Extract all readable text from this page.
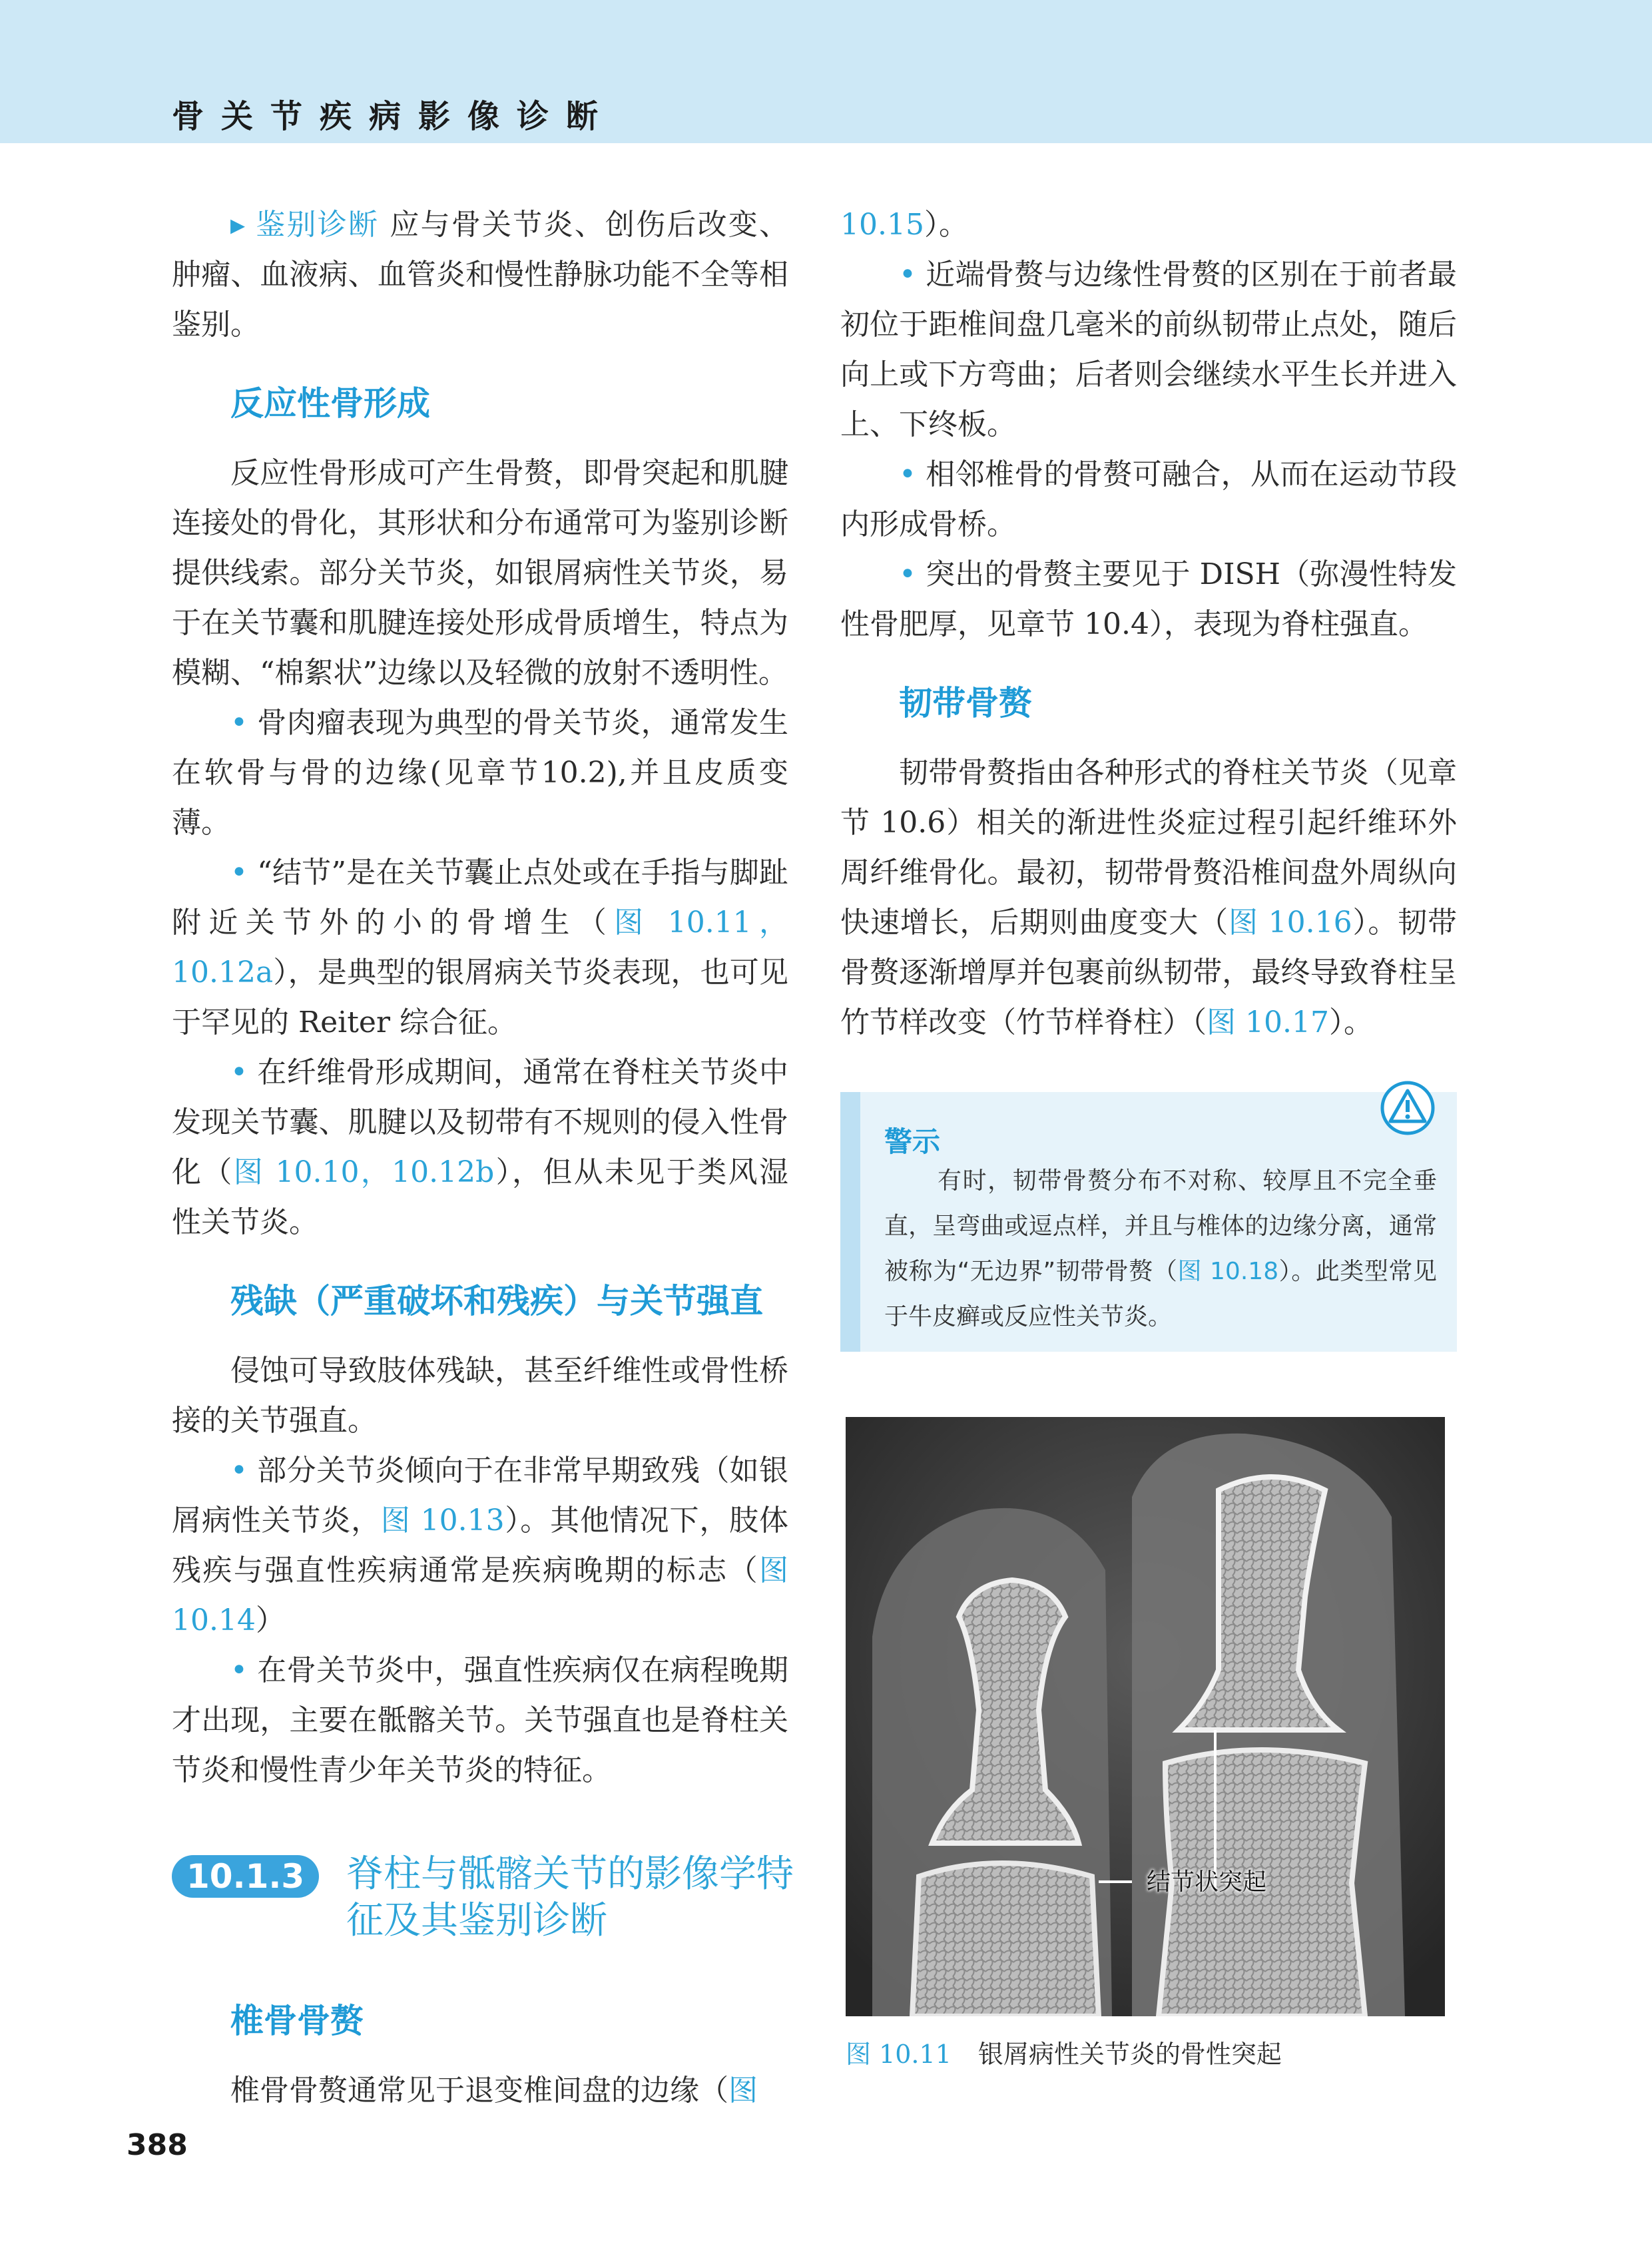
骨关节疾病影像诊断

▸ 鉴别诊断 应与骨关节炎、创伤后改变、肿瘤、血液病、血管炎和慢性静脉功能不全等相鉴别。

反应性骨形成

反应性骨形成可产生骨赘，即骨突起和肌腱连接处的骨化，其形状和分布通常可为鉴别诊断提供线索。部分关节炎，如银屑病性关节炎，易于在关节囊和肌腱连接处形成骨质增生，特点为模糊、“棉絮状”边缘以及轻微的放射不透明性。

• 骨肉瘤表现为典型的骨关节炎，通常发生在软骨与骨的边缘(见章节10.2),并且皮质变薄。

• “结节”是在关节囊止点处或在手指与脚趾附近关节外的小的骨增生（图 10.11，10.12a），是典型的银屑病关节炎表现，也可见于罕见的 Reiter 综合征。

• 在纤维骨形成期间，通常在脊柱关节炎中发现关节囊、肌腱以及韧带有不规则的侵入性骨化（图 10.10，10.12b），但从未见于类风湿性关节炎。

残缺（严重破坏和残疾）与关节强直

侵蚀可导致肢体残缺，甚至纤维性或骨性桥接的关节强直。

• 部分关节炎倾向于在非常早期致残（如银屑病性关节炎，图 10.13）。其他情况下，肢体残疾与强直性疾病通常是疾病晚期的标志（图 10.14）

• 在骨关节炎中，强直性疾病仅在病程晚期才出现，主要在骶髂关节。关节强直也是脊柱关节炎和慢性青少年关节炎的特征。

10.1.3	脊柱与骶髂关节的影像学特征及其鉴别诊断
椎骨骨赘

椎骨骨赘通常见于退变椎间盘的边缘（图

10.15）。

• 近端骨赘与边缘性骨赘的区别在于前者最初位于距椎间盘几毫米的前纵韧带止点处，随后向上或下方弯曲；后者则会继续水平生长并进入上、下终板。

• 相邻椎骨的骨赘可融合，从而在运动节段内形成骨桥。

• 突出的骨赘主要见于 DISH（弥漫性特发性骨肥厚，见章节 10.4），表现为脊柱强直。

韧带骨赘

韧带骨赘指由各种形式的脊柱关节炎（见章节 10.6）相关的渐进性炎症过程引起纤维环外周纤维骨化。最初，韧带骨赘沿椎间盘外周纵向快速增长，后期则曲度变大（图 10.16）。韧带骨赘逐渐增厚并包裹前纵韧带，最终导致脊柱呈竹节样改变（竹节样脊柱）（图 10.17）。

警示
有时，韧带骨赘分布不对称、较厚且不完全垂直，呈弯曲或逗点样，并且与椎体的边缘分离，通常被称为“无边界”韧带骨赘（图 10.18）。此类型常见于牛皮癣或反应性关节炎。
结节状突起
图 10.11 银屑病性关节炎的骨性突起
388
